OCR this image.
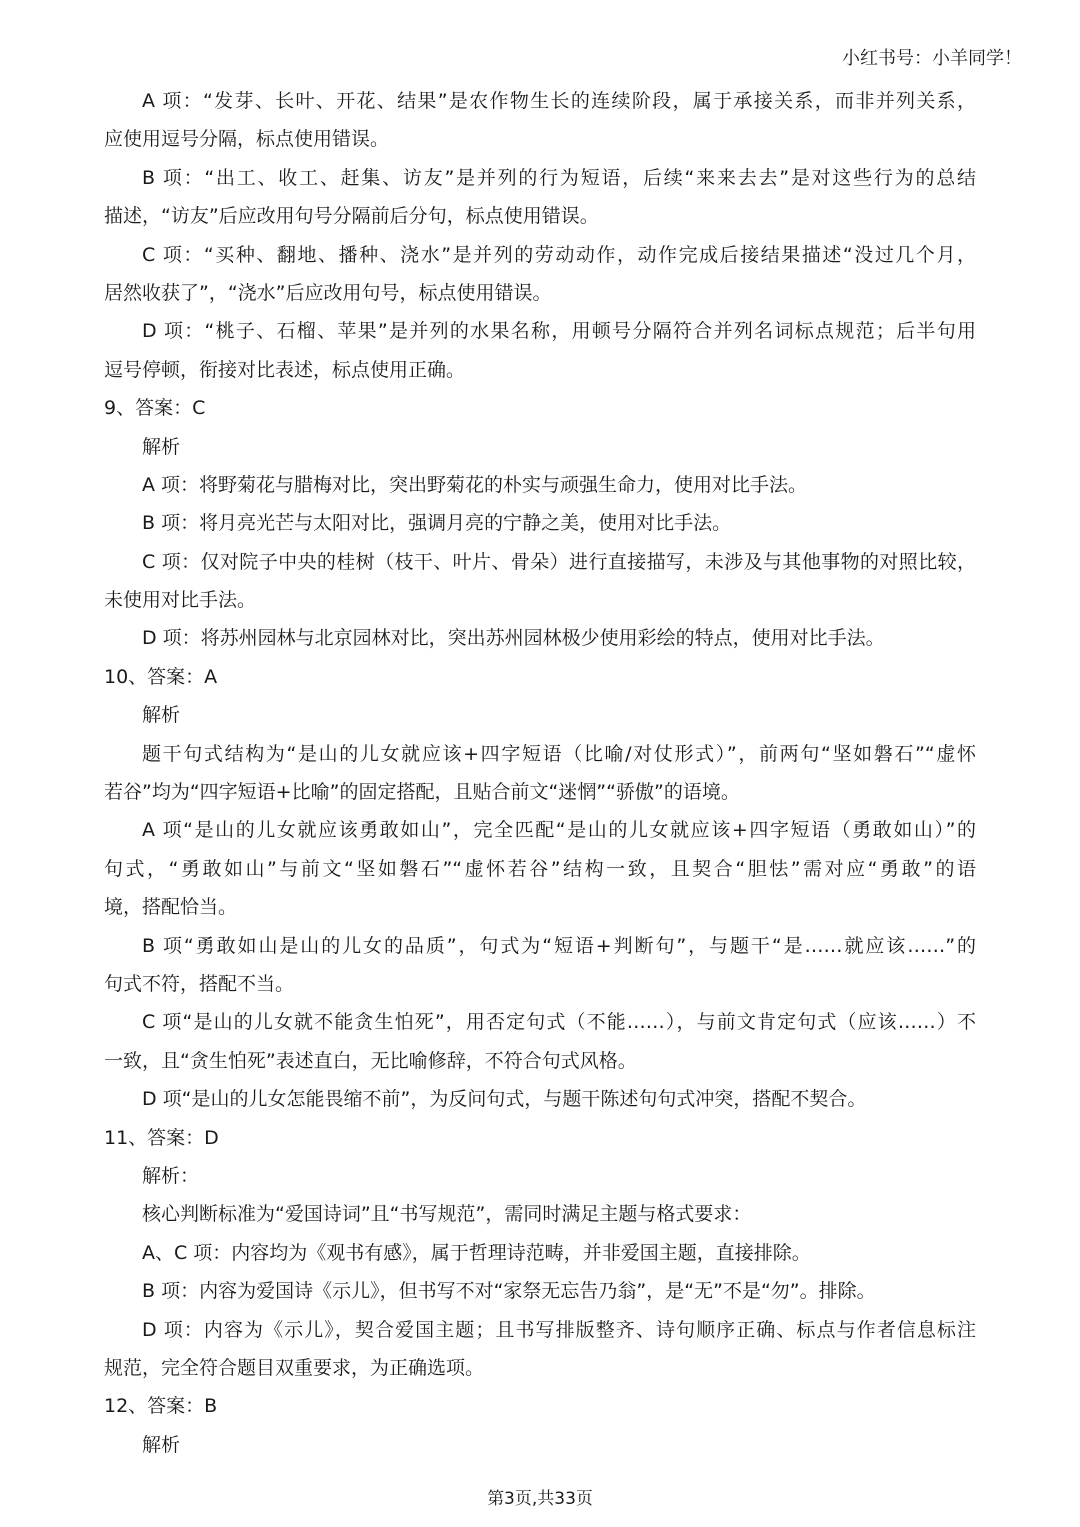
小红书号：小羊同学！
A 项：“发芽、长叶、开花、结果”是农作物生长的连续阶段，属于承接关系，而非并列关系，
应使用逗号分隔，标点使用错误。
B 项：“出工、收工、赶集、访友”是并列的行为短语，后续“来来去去”是对这些行为的总结
描述，“访友”后应改用句号分隔前后分句，标点使用错误。
C 项：“买种、翻地、播种、浇水”是并列的劳动动作，动作完成后接结果描述“没过几个月，
居然收获了”，“浇水”后应改用句号，标点使用错误。
D 项：“桃子、石榴、苹果”是并列的水果名称，用顿号分隔符合并列名词标点规范；后半句用
逗号停顿，衔接对比表述，标点使用正确。
9、答案：C
解析
A 项：将野菊花与腊梅对比，突出野菊花的朴实与顽强生命力，使用对比手法。
B 项：将月亮光芒与太阳对比，强调月亮的宁静之美，使用对比手法。
C 项：仅对院子中央的桂树（枝干、叶片、骨朵）进行直接描写，未涉及与其他事物的对照比较，
未使用对比手法。
D 项：将苏州园林与北京园林对比，突出苏州园林极少使用彩绘的特点，使用对比手法。
10、答案：A
解析
题干句式结构为“是山的儿女就应该+四字短语（比喻/对仗形式）”，前两句“坚如磐石”“虚怀
若谷”均为“四字短语+比喻”的固定搭配，且贴合前文“迷惘”“骄傲”的语境。
A 项“是山的儿女就应该勇敢如山”，完全匹配“是山的儿女就应该+四字短语（勇敢如山）”的
句式，“勇敢如山”与前文“坚如磐石”“虚怀若谷”结构一致，且契合“胆怯”需对应“勇敢”的语
境，搭配恰当。
B 项“勇敢如山是山的儿女的品质”，句式为“短语+判断句”，与题干“是……就应该……”的
句式不符，搭配不当。
C 项“是山的儿女就不能贪生怕死”，用否定句式（不能……），与前文肯定句式（应该……）不
一致，且“贪生怕死”表述直白，无比喻修辞，不符合句式风格。
D 项“是山的儿女怎能畏缩不前”，为反问句式，与题干陈述句句式冲突，搭配不契合。
11、答案：D
解析：
核心判断标准为“爱国诗词”且“书写规范”，需同时满足主题与格式要求：
A、C 项：内容均为《观书有感》，属于哲理诗范畴，并非爱国主题，直接排除。
B 项：内容为爱国诗《示儿》，但书写不对“家祭无忘告乃翁”，是“无”不是“勿”。排除。
D 项：内容为《示儿》，契合爱国主题；且书写排版整齐、诗句顺序正确、标点与作者信息标注
规范，完全符合题目双重要求，为正确选项。
12、答案：B
解析
第3页,共33页
